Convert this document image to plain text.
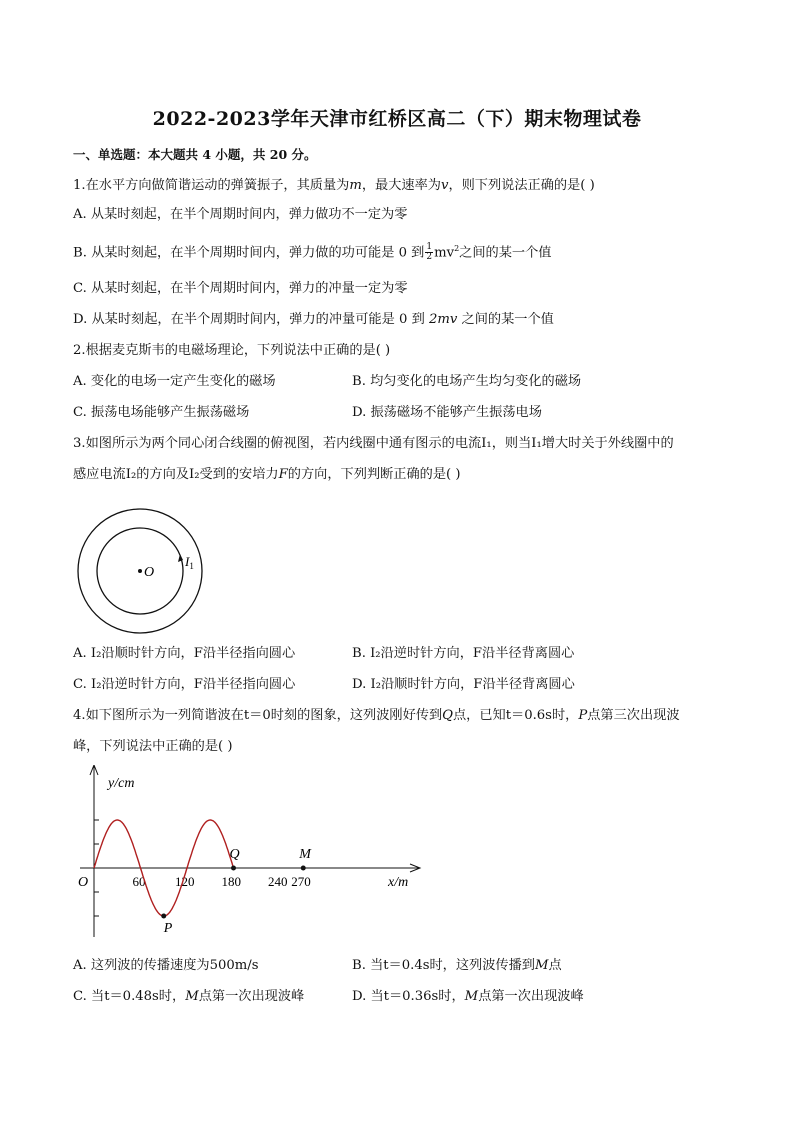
2022-2023学年天津市红桥区高二（下）期末物理试卷
一、单选题：本大题共 4 小题，共 20 分。
1.在水平方向做简谐运动的弹簧振子，其质量为m，最大速率为v，则下列说法正确的是( )
A. 从某时刻起，在半个周期时间内，弹力做功不一定为零
B. 从某时刻起，在半个周期时间内，弹力做的功可能是 0 到 $\frac{1}{2} mv^2$之间的某一个值
C. 从某时刻起，在半个周期时间内，弹力的冲量一定为零
D. 从某时刻起，在半个周期时间内，弹力的冲量可能是 0 到 2mv 之间的某一个值
2.根据麦克斯韦的电磁场理论，下列说法中正确的是( )
A. 变化的电场一定产生变化的磁场	B. 均匀变化的电场产生均匀变化的磁场
C. 振荡电场能够产生振荡磁场	D. 振荡磁场不能够产生振荡电场
3.如图所示为两个同心闭合线圈的俯视图，若内线圈中通有图示的电流I₁，则当I₁增大时关于外线圈中的
感应电流I₂的方向及I₂受到的安培力F的方向，下列判断正确的是( )
O
$I_1$
A. I₂沿顺时针方向，F沿半径指向圆心	B. I₂沿逆时针方向，F沿半径背离圆心
C. I₂沿逆时针方向，F沿半径指向圆心	D. I₂沿顺时针方向，F沿半径背离圆心
4.如下图所示为一列简谐波在t＝0时刻的图象，这列波刚好传到Q点，已知t＝0.6s时，P点第三次出现波
峰，下列说法中正确的是( )
y/cm
x/m
O	60 120 180 240 270
Q	M
P
A. 这列波的传播速度为500m/s	B. 当t＝0.4s时，这列波传播到M点
C. 当t＝0.48s时，M点第一次出现波峰	D. 当t＝0.36s时，M点第一次出现波峰
